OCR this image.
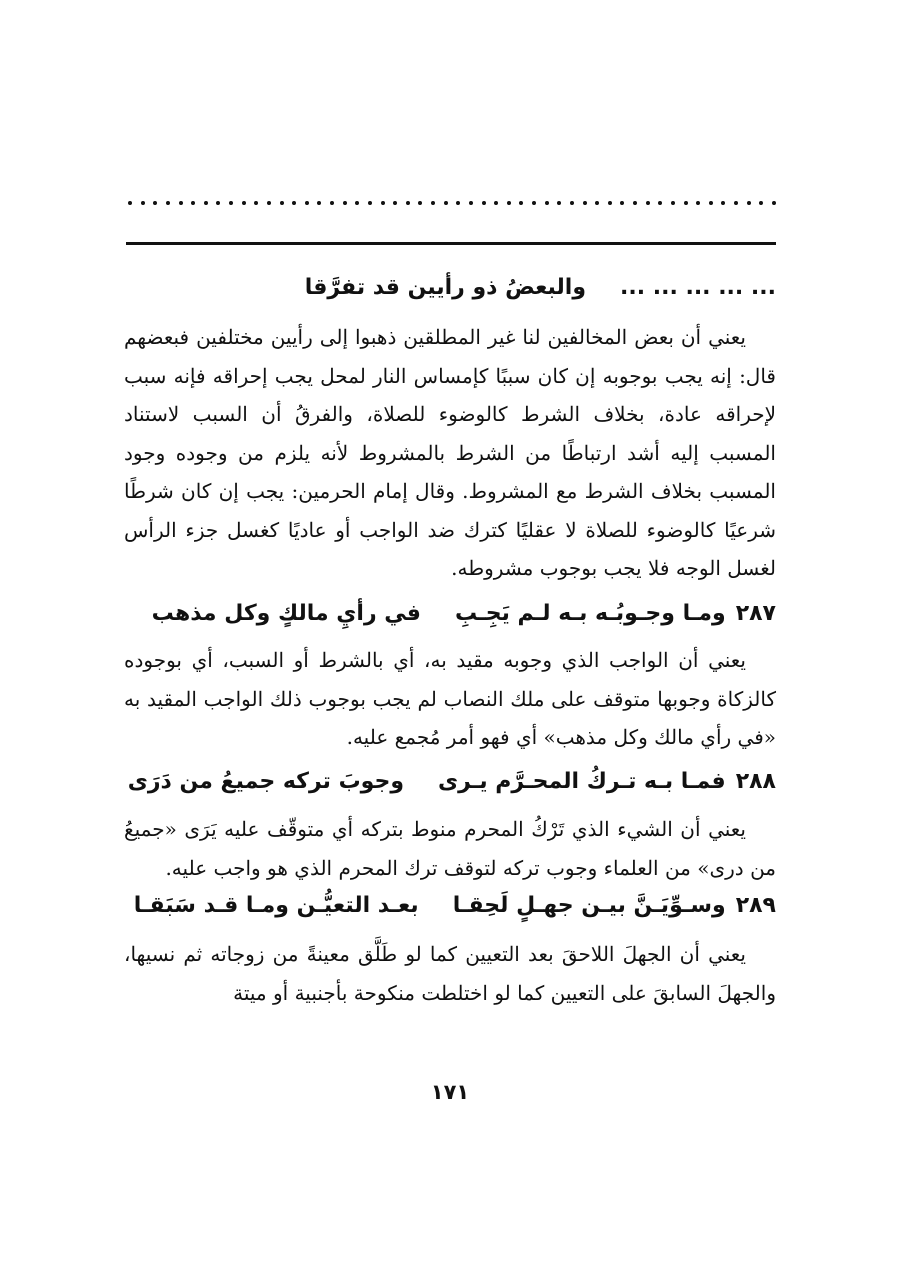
... ... ... ... ...والبعضُ ذو رأيين قد تفرَّقا

يعني أن بعض المخالفين لنا غير المطلقين ذهبوا إلى رأيين مختلفين فبعضهم قال: إنه يجب بوجوبه إن كان سببًا كإمساس النار لمحل يجب إحراقه فإنه سبب لإحراقه عادة، بخلاف الشرط كالوضوء للصلاة، والفرقُ أن السبب لاستناد المسبب إليه أشد ارتباطًا من الشرط بالمشروط لأنه يلزم من وجوده وجود المسبب بخلاف الشرط مع المشروط. وقال إمام الحرمين: يجب إن كان شرطًا شرعيًا كالوضوء للصلاة لا عقليًا كترك ضد الواجب أو عاديًا كغسل جزء الرأس لغسل الوجه فلا يجب بوجوب مشروطه.

٢٨٧ومـا وجـوبُـه بـه لـم يَجِـبِفي رأيِ مالكٍ وكل مذهب

يعني أن الواجب الذي وجوبه مقيد به، أي بالشرط أو السبب، أي بوجوده كالزكاة وجوبها متوقف على ملك النصاب لم يجب بوجوب ذلك الواجب المقيد به «في رأي مالك وكل مذهب» أي فهو أمر مُجمع عليه.

٢٨٨فمـا بـه تـركُ المحـرَّم يـرىوجوبَ تركه جميعُ من دَرَى

يعني أن الشيء الذي تَرْكُ المحرم منوط بتركه أي متوقّف عليه يَرَى «جميعُ من درى» من العلماء وجوب تركه لتوقف ترك المحرم الذي هو واجب عليه.

٢٨٩وسـوِّيَـنَّ بيـن جهـلٍ لَحِقـابعـد التعيُّـن ومـا قـد سَبَقـا

يعني أن الجهلَ اللاحقَ بعد التعيين كما لو طَلَّق معينةً من زوجاته ثم نسيها، والجهلَ السابقَ على التعيين كما لو اختلطت منكوحة بأجنبية أو ميتة

١٧١
